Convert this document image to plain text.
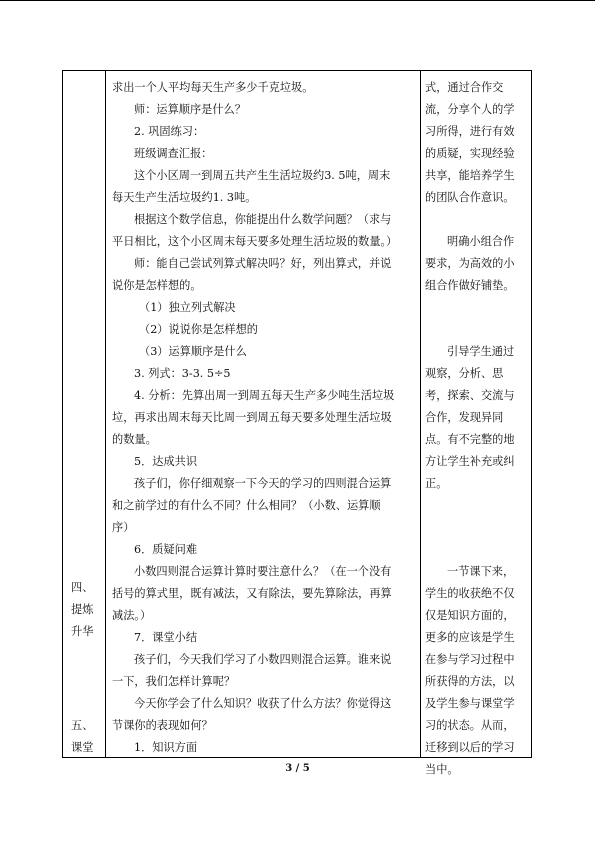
四、
提炼
升华
五、
课堂
求出一个人平均每天生产多少千克垃圾。
师：运算顺序是什么？
2. 巩固练习：
班级调查汇报：
这个小区周一到周五共产生生活垃圾约3. 5吨，周末
每天生产生活垃圾约1. 3吨。
根据这个数学信息，你能提出什么数学问题？（求与
平日相比，这个小区周末每天要多处理生活垃圾的数量。）
师：能自己尝试列算式解决吗？好，列出算式，并说
说你是怎样想的。
（1）独立列式解决
（2）说说你是怎样想的
（3）运算顺序是什么
3. 列式：3-3. 5÷5
4. 分析：先算出周一到周五每天生产多少吨生活垃圾
垃，再求出周末每天比周一到周五每天要多处理生活垃圾
的数量。
5．达成共识
孩子们，你仔细观察一下今天的学习的四则混合运算
和之前学过的有什么不同？什么相同？（小数、运算顺
序）
6．质疑问难
小数四则混合运算计算时要注意什么？（在一个没有
括号的算式里，既有减法，又有除法，要先算除法，再算
减法。）
7．课堂小结
孩子们，今天我们学习了小数四则混合运算。谁来说
一下，我们怎样计算呢？
今天你学会了什么知识？收获了什么方法？你觉得这
节课你的表现如何？
1．知识方面
式，通过合作交
流，分享个人的学
习所得，进行有效
的质疑，实现经验
共享，能培养学生
的团队合作意识。
明确小组合作
要求，为高效的小
组合作做好铺垫。
引导学生通过
观察，分析、思
考，探索、交流与
合作，发现异同
点。有不完整的地
方让学生补充或纠
正。
一节课下来，
学生的收获绝不仅
仅是知识方面的，
更多的应该是学生
在参与学习过程中
所获得的方法，以
及学生参与课堂学
习的状态。从而，
迁移到以后的学习
当中。
3 / 5
